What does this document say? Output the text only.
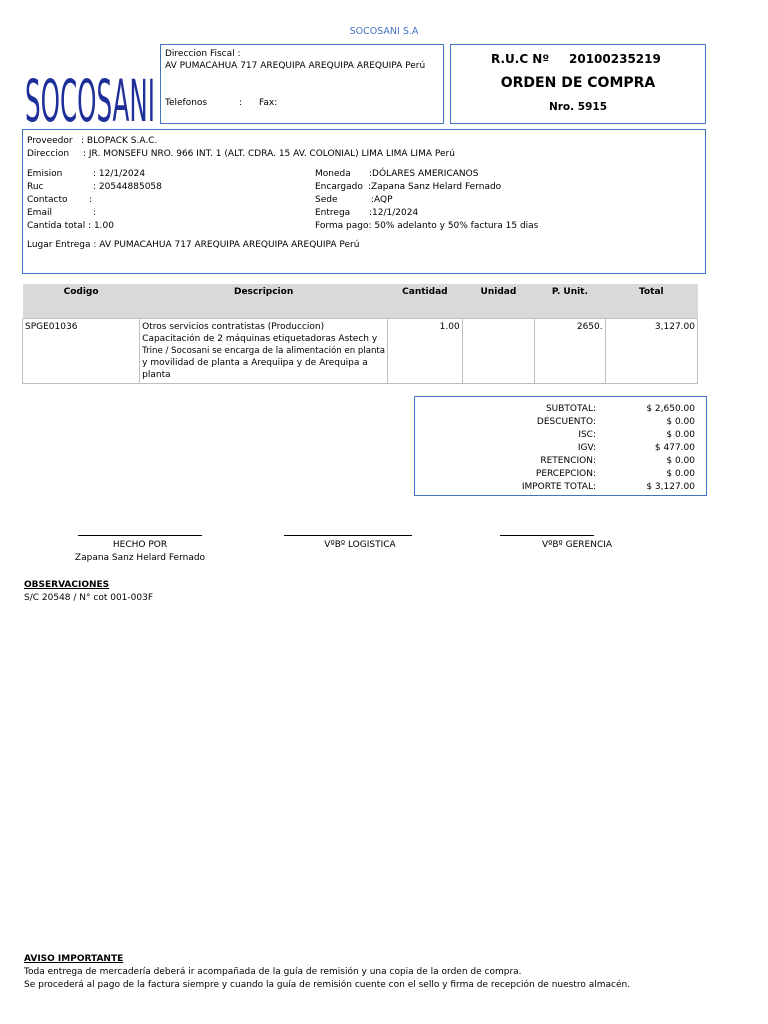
SOCOSANI S.A
SOCOSANI
Direccion Fiscal :
AV PUMACAHUA 717 AREQUIPA AREQUIPA AREQUIPA Perú
Telefonos	: Fax:
R.U.C Nº 20100235219
ORDEN DE COMPRA
Nro. 5915
Proveedor : BLOPACK S.A.C.
Direccion : JR. MONSEFU NRO. 966 INT. 1 (ALT. CDRA. 15 AV. COLONIAL) LIMA LIMA LIMA Perú
Emision	: 12/1/2024
Ruc	: 20544885058
Contacto :
Email	:
Cantida total : 1.00
Moneda :DÓLARES AMERICANOS
Encargado :Zapana Sanz Helard Fernado
Sede	:AQP
Entrega :12/1/2024
Forma pago: 50% adelanto y 50% factura 15 dias
Lugar Entrega : AV PUMACAHUA 717 AREQUIPA AREQUIPA AREQUIPA Perú
Codigo	Descripcion	Cantidad	Unidad	P. Unit.	Total
SPGE01036	Otros servicios contratistas (Produccion)
Capacitación de 2 máquinas etiquetadoras Astech y
Trine / Socosani se encarga de la alimentación en planta
y movilidad de planta a Arequiipa y de Arequipa a
planta	1.00		2650.	3,127.00
SUBTOTAL:	$ 2,650.00
DESCUENTO:	$ 0.00
ISC:	$ 0.00
IGV:	$ 477.00
RETENCION:	$ 0.00
PERCEPCION:	$ 0.00
IMPORTE TOTAL:	$ 3,127.00
HECHO POR
Zapana Sanz Helard Fernado
VºBº LOGISTICA	VºBº GERENCIA
OBSERVACIONES
S/C 20548 / N° cot 001-003F
AVISO IMPORTANTE
Toda entrega de mercadería deberá ir acompañada de la guía de remisión y una copia de la orden de compra.
Se procederá al pago de la factura siempre y cuando la guía de remisión cuente con el sello y firma de recepción de nuestro almacén.
